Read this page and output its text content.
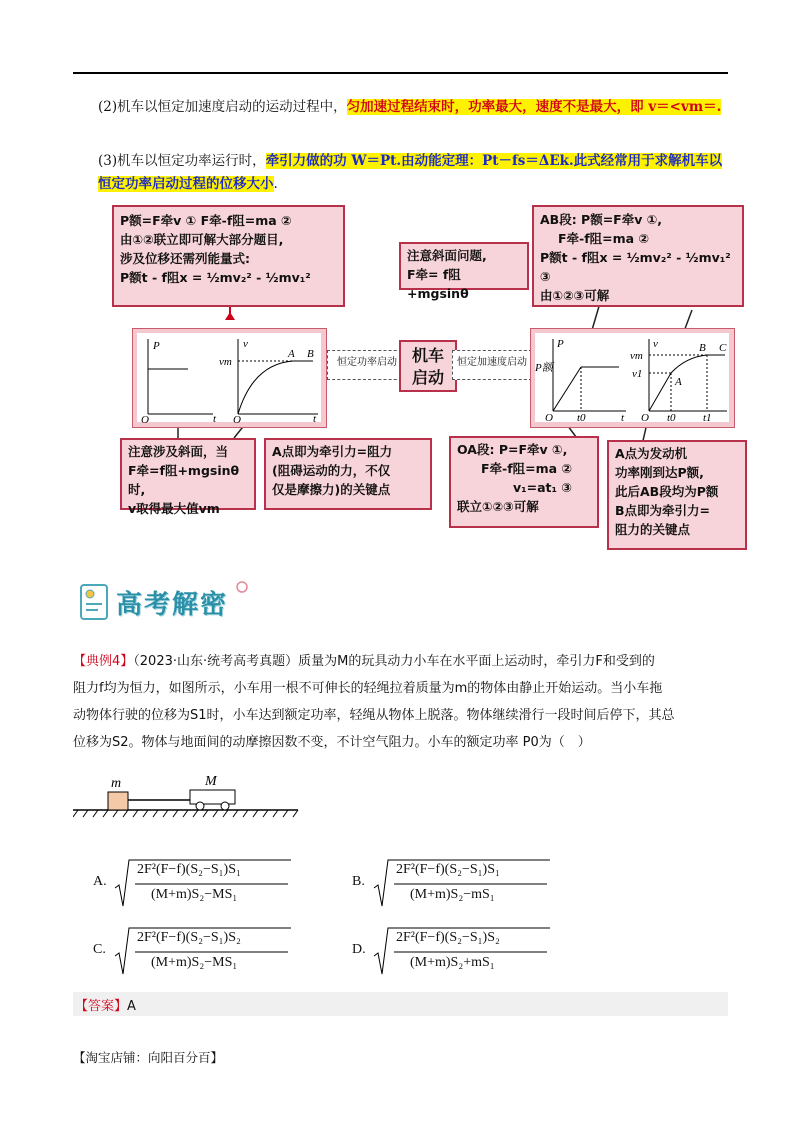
(2)机车以恒定加速度启动的运动过程中，匀加速过程结束时，功率最大，速度不是最大，即 v＝<vm＝.
(3)机车以恒定功率运行时，牵引力做的功 W＝Pt.由动能定理：Pt－fs＝ΔEk.此式经常用于求解机车以
恒定功率启动过程的位移大小.
P额=F牵v ① F牵-f阻=ma ②
由①②联立即可解大部分题目,
涉及位移还需列能量式:
P额t - f阻x = ½mv₂² - ½mv₁²
P
O	t
v
vm
A B
O	t
恒定功率启动 机车
启动
恒定加速度启动
注意斜面问题,
F牵= f阻+mgsinθ
AB段: P额=F牵v ①,
F牵-f阻=ma ②
P额t - f阻x = ½mv₂² - ½mv₁² ③
由①②③可解
P
P额
O t0	t
v
vm
v1
A
B C
O t0 t1
注意涉及斜面，当
F牵=f阻+mgsinθ时,
v取得最大值vm
A点即为牵引力=阻力
(阻碍运动的力，不仅
仅是摩擦力)的关键点
OA段: P=F牵v ①,
F牵-f阻=ma ②
v₁=at₁ ③
联立①②③可解
A点为发动机
功率刚到达P额,
此后AB段均为P额
B点即为牵引力=
阻力的关键点
高考解密
【典例4】（2023·山东·统考高考真题）质量为M的玩具动力小车在水平面上运动时，牵引力F和受到的
阻力f均为恒力，如图所示，小车用一根不可伸长的轻绳拉着质量为m的物体由静止开始运动。当小车拖
动物体行驶的位移为S1时，小车达到额定功率，轻绳从物体上脱落。物体继续滑行一段时间后停下，其总
位移为S2。物体与地面间的动摩擦因数不变，不计空气阻力。小车的额定功率 P0为（　）
m	M
A.
2F²(F−f)(S₂−S₁)S₁
(M+m)S₂−MS₁
B.
2F²(F−f)(S₂−S₁)S₁
(M+m)S₂−mS₁
C.
2F²(F−f)(S₂−S₁)S₂
(M+m)S₂−MS₁
D.
2F²(F−f)(S₂−S₁)S₂
(M+m)S₂+mS₁
【答案】A
【淘宝店铺：向阳百分百】
